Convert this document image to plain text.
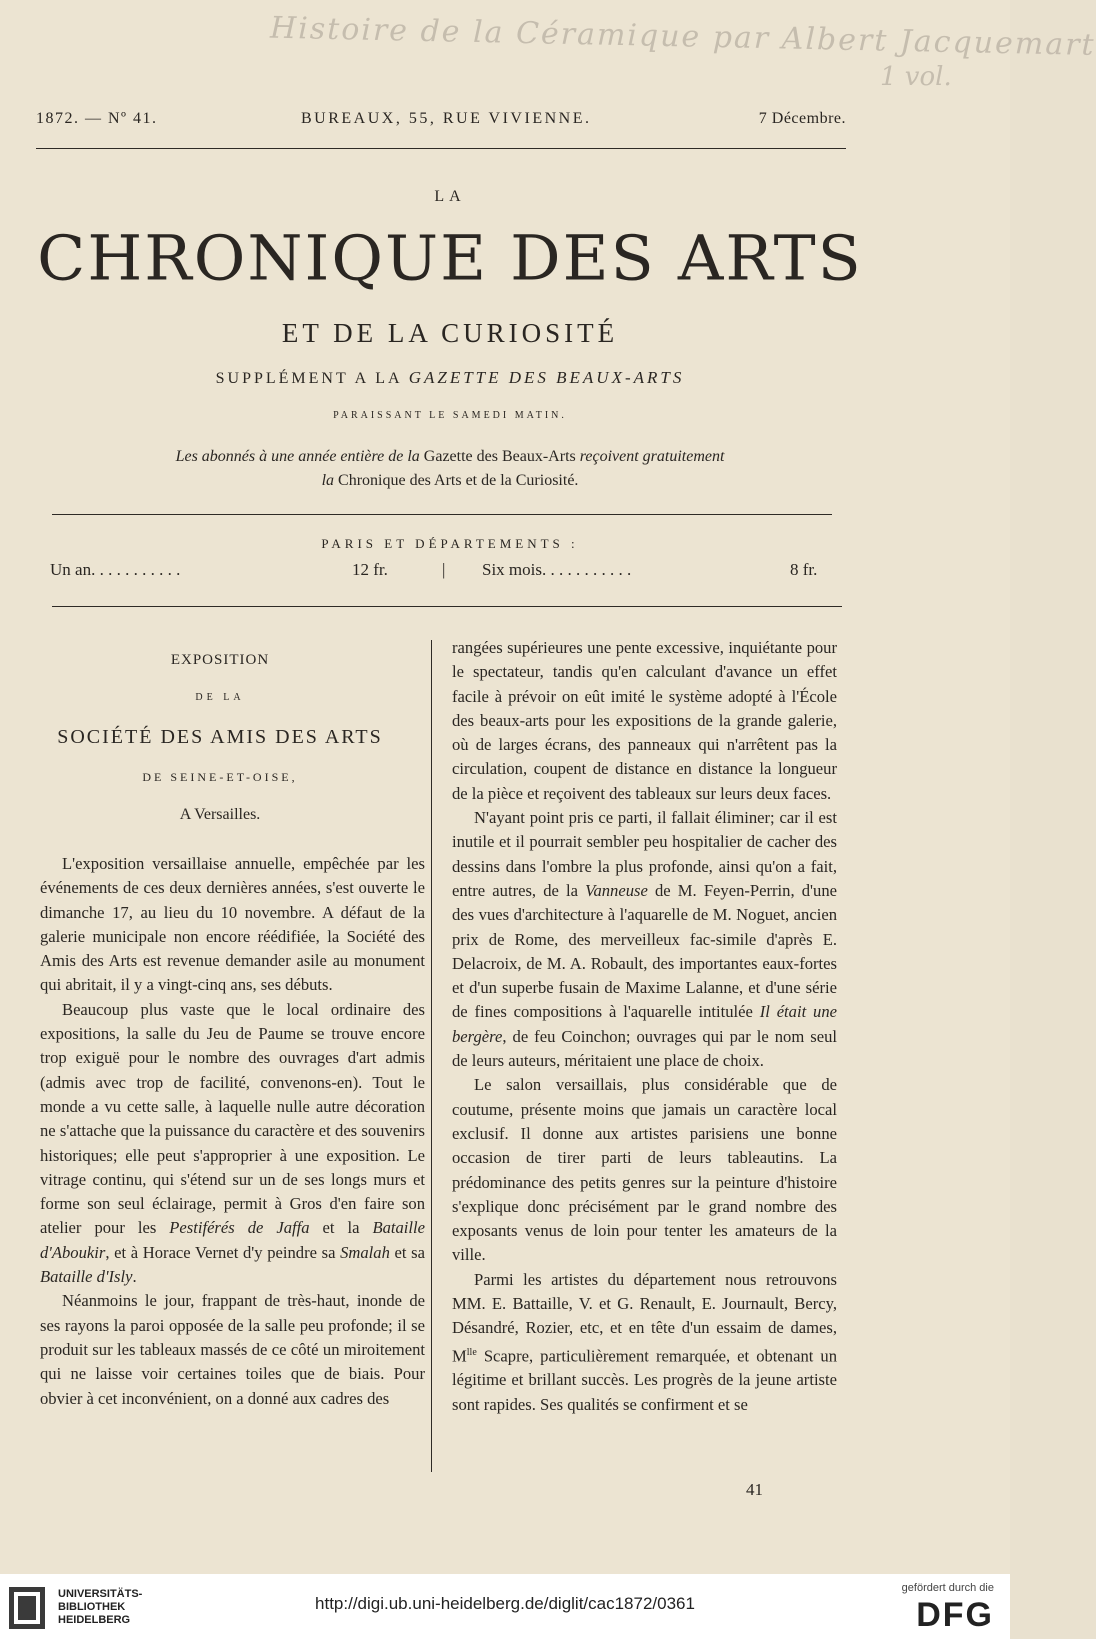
Histoire de la Céramique par Albert Jacquemart
1 vol.
1872. — Nº 41.	BUREAUX, 55, RUE VIVIENNE.	7 Décembre.
LA
CHRONIQUE DES ARTS
ET DE LA CURIOSITÉ
SUPPLÉMENT A LA GAZETTE DES BEAUX-ARTS
PARAISSANT LE SAMEDI MATIN.
Les abonnés à une année entière de la Gazette des Beaux-Arts reçoivent gratuitement
la Chronique des Arts et de la Curiosité.
PARIS ET DÉPARTEMENTS :
Un an. . . . . . . . . . .	12 fr.	| Six mois. . . . . . . . . . .	8 fr.
EXPOSITION
DE LA
SOCIÉTÉ DES AMIS DES ARTS
DE SEINE-ET-OISE,
A Versailles.

L'exposition versaillaise annuelle, empêchée par les événements de ces deux dernières années, s'est ouverte le dimanche 17, au lieu du 10 novembre. A défaut de la galerie municipale non encore réédifiée, la Société des Amis des Arts est revenue demander asile au monument qui abritait, il y a vingt-cinq ans, ses débuts.

Beaucoup plus vaste que le local ordinaire des expositions, la salle du Jeu de Paume se trouve encore trop exiguë pour le nombre des ouvrages d'art admis (admis avec trop de facilité, convenons-en). Tout le monde a vu cette salle, à laquelle nulle autre décoration ne s'attache que la puissance du caractère et des souvenirs historiques; elle peut s'approprier à une exposition. Le vitrage continu, qui s'étend sur un de ses longs murs et forme son seul éclairage, permit à Gros d'en faire son atelier pour les Pestiférés de Jaffa et la Bataille d'Aboukir, et à Horace Vernet d'y peindre sa Smalah et sa Bataille d'Isly.

Néanmoins le jour, frappant de très-haut, inonde de ses rayons la paroi opposée de la salle peu profonde; il se produit sur les tableaux massés de ce côté un miroitement qui ne laisse voir certaines toiles que de biais. Pour obvier à cet inconvénient, on a donné aux cadres des

rangées supérieures une pente excessive, inquiétante pour le spectateur, tandis qu'en calculant d'avance un effet facile à prévoir on eût imité le système adopté à l'École des beaux-arts pour les expositions de la grande galerie, où de larges écrans, des panneaux qui n'arrêtent pas la circulation, coupent de distance en distance la longueur de la pièce et reçoivent des tableaux sur leurs deux faces.

N'ayant point pris ce parti, il fallait éliminer; car il est inutile et il pourrait sembler peu hospitalier de cacher des dessins dans l'ombre la plus profonde, ainsi qu'on a fait, entre autres, de la Vanneuse de M. Feyen-Perrin, d'une des vues d'architecture à l'aquarelle de M. Noguet, ancien prix de Rome, des merveilleux fac-simile d'après E. Delacroix, de M. A. Robault, des importantes eaux-fortes et d'un superbe fusain de Maxime Lalanne, et d'une série de fines compositions à l'aquarelle intitulée Il était une bergère, de feu Coinchon; ouvrages qui par le nom seul de leurs auteurs, méritaient une place de choix.

Le salon versaillais, plus considérable que de coutume, présente moins que jamais un caractère local exclusif. Il donne aux artistes parisiens une bonne occasion de tirer parti de leurs tableautins. La prédominance des petits genres sur la peinture d'histoire s'explique donc précisément par le grand nombre des exposants venus de loin pour tenter les amateurs de la ville.

Parmi les artistes du département nous retrouvons MM. E. Battaille, V. et G. Renault, E. Journault, Bercy, Désandré, Rozier, etc, et en tête d'un essaim de dames, $M^{lle}$ Scapre, particulièrement remarquée, et obtenant un légitime et brillant succès. Les progrès de la jeune artiste sont rapides. Ses qualités se confirment et se

41
UNIVERSITÄTS-
BIBLIOTHEK
HEIDELBERG
http://digi.ub.uni-heidelberg.de/diglit/cac1872/0361
gefördert durch die
DFG
